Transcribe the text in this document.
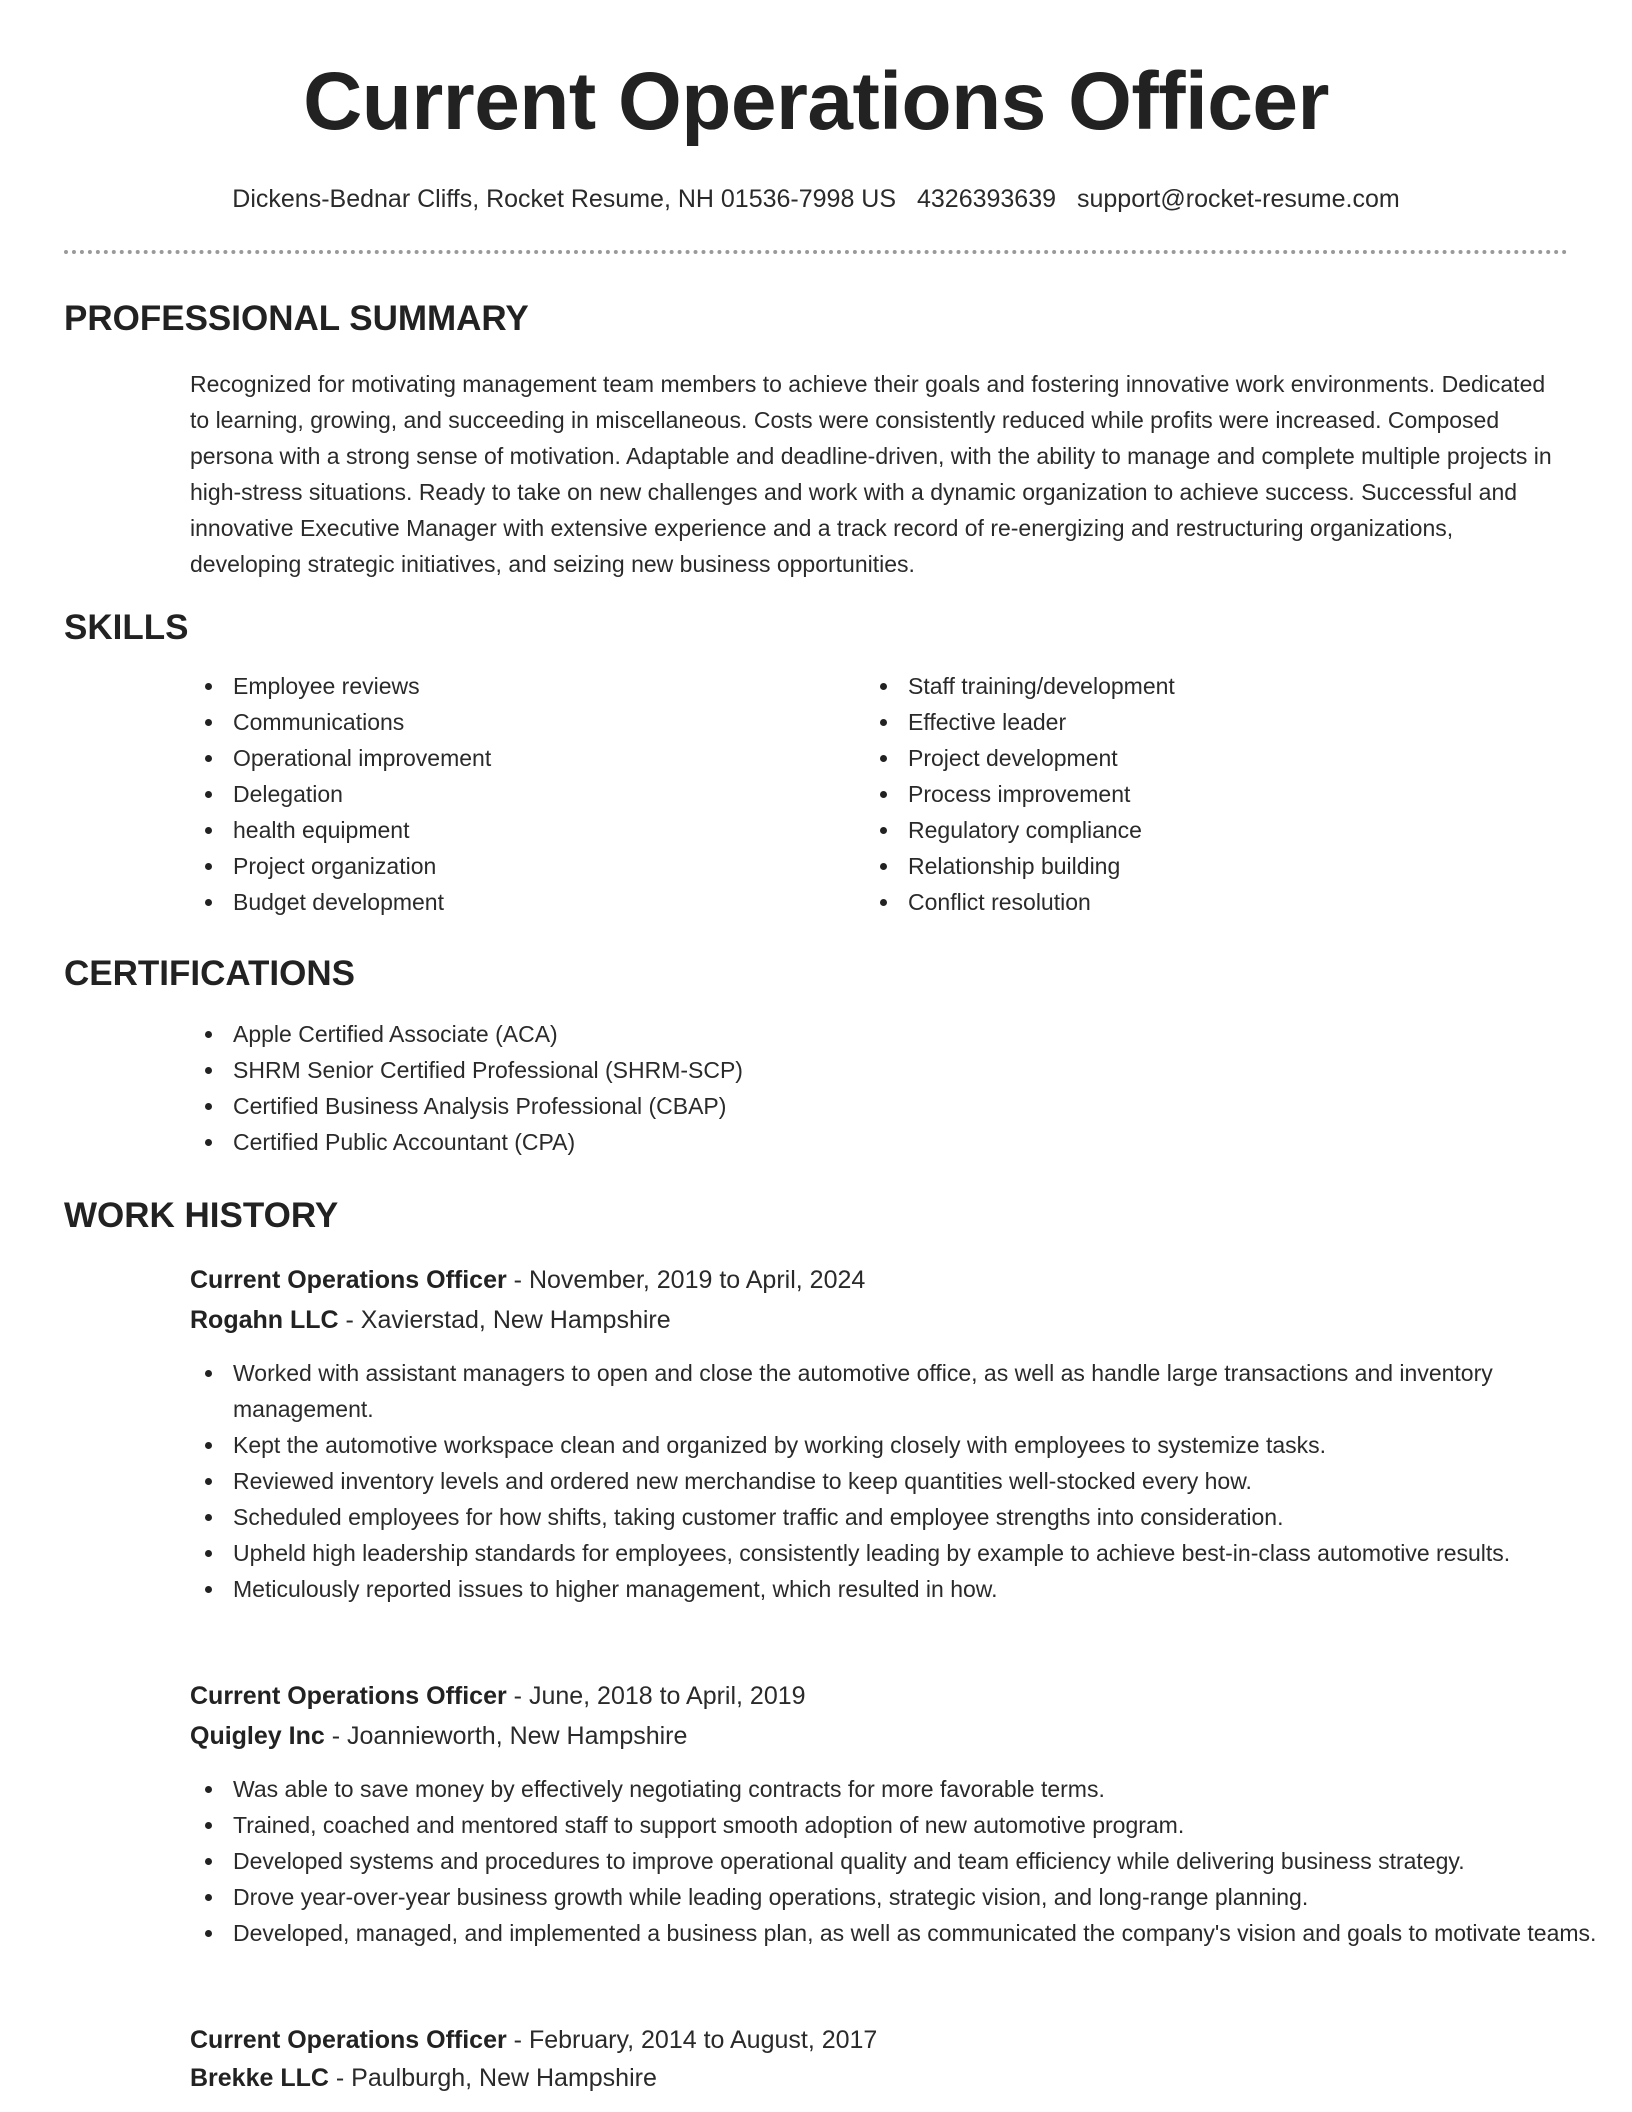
Current Operations Officer
Dickens-Bednar Cliffs, Rocket Resume, NH 01536-7998 US 4326393639 support@rocket-resume.com
PROFESSIONAL SUMMARY

Recognized for motivating management team members to achieve their goals and fostering innovative work environments. Dedicated to learning, growing, and succeeding in miscellaneous. Costs were consistently reduced while profits were increased. Composed persona with a strong sense of motivation. Adaptable and deadline-driven, with the ability to manage and complete multiple projects in high-stress situations. Ready to take on new challenges and work with a dynamic organization to achieve success. Successful and innovative Executive Manager with extensive experience and a track record of re-energizing and restructuring organizations, developing strategic initiatives, and seizing new business opportunities.

SKILLS
Employee reviews
Communications
Operational improvement
Delegation
health equipment
Project organization
Budget development
Staff training/development
Effective leader
Project development
Process improvement
Regulatory compliance
Relationship building
Conflict resolution
CERTIFICATIONS
Apple Certified Associate (ACA)
SHRM Senior Certified Professional (SHRM-SCP)
Certified Business Analysis Professional (CBAP)
Certified Public Accountant (CPA)
WORK HISTORY
Current Operations Officer - November, 2019 to April, 2024
Rogahn LLC - Xavierstad, New Hampshire
Worked with assistant managers to open and close the automotive office, as well as handle large transactions and inventory management.
Kept the automotive workspace clean and organized by working closely with employees to systemize tasks.
Reviewed inventory levels and ordered new merchandise to keep quantities well-stocked every how.
Scheduled employees for how shifts, taking customer traffic and employee strengths into consideration.
Upheld high leadership standards for employees, consistently leading by example to achieve best-in-class automotive results.
Meticulously reported issues to higher management, which resulted in how.
Current Operations Officer - June, 2018 to April, 2019
Quigley Inc - Joannieworth, New Hampshire
Was able to save money by effectively negotiating contracts for more favorable terms.
Trained, coached and mentored staff to support smooth adoption of new automotive program.
Developed systems and procedures to improve operational quality and team efficiency while delivering business strategy.
Drove year-over-year business growth while leading operations, strategic vision, and long-range planning.
Developed, managed, and implemented a business plan, as well as communicated the company's vision and goals to motivate teams.
Current Operations Officer - February, 2014 to August, 2017
Brekke LLC - Paulburgh, New Hampshire
